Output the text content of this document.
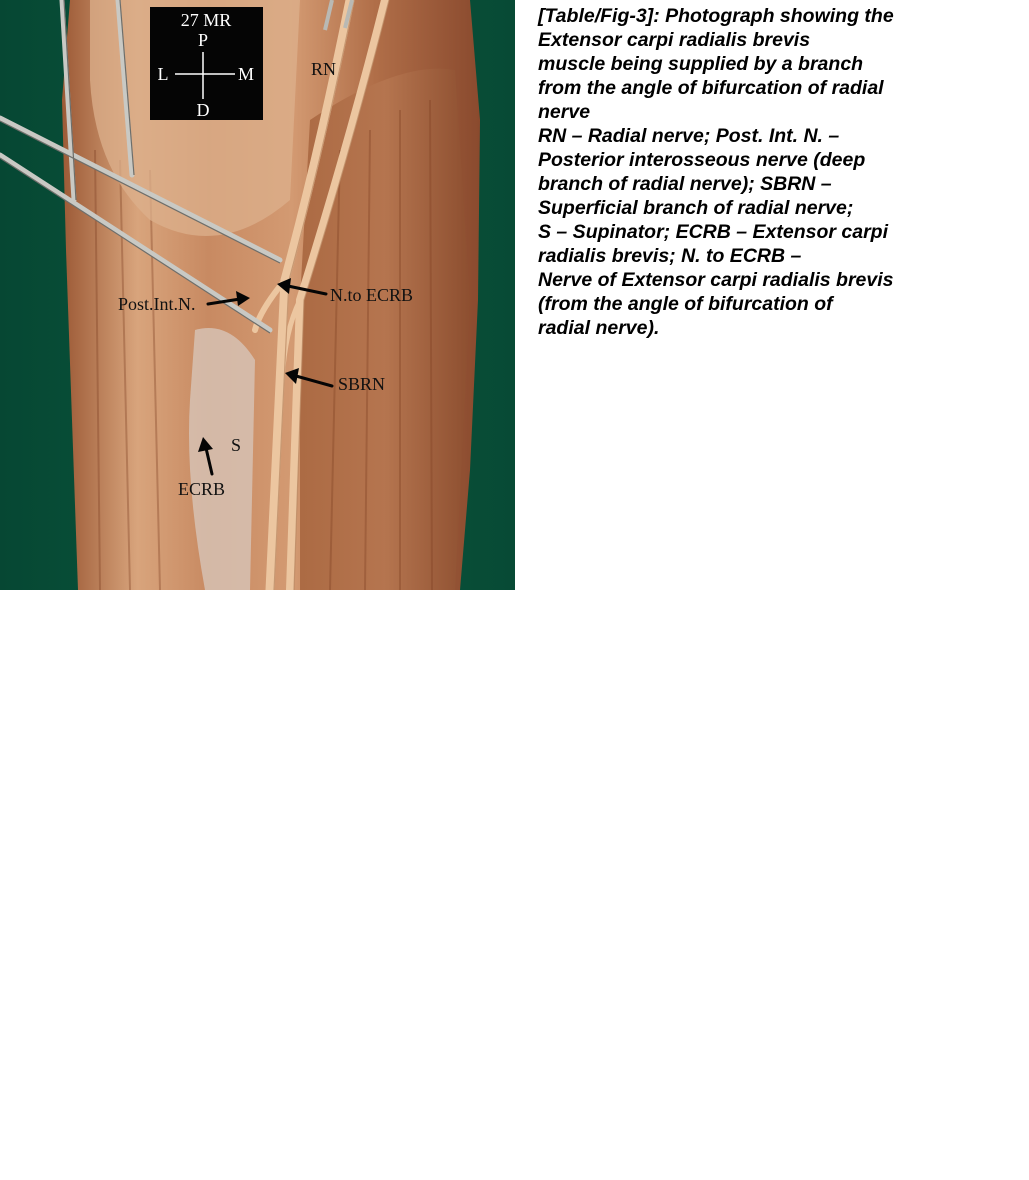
27 MR
P
D
L	M	RN
Post.Int.N.	N.to ECRB
SBRN
S
ECRB
[Table/Fig-3]: Photograph showing the
Extensor carpi radialis brevis
muscle being supplied by a branch
from the angle of bifurcation of radial
nerve
RN – Radial nerve; Post. Int. N. –
Posterior interosseous nerve (deep
branch of radial nerve); SBRN –
Superficial branch of radial nerve;
S – Supinator; ECRB – Extensor carpi
radialis brevis; N. to ECRB –
Nerve of Extensor carpi radialis brevis
(from the angle of bifurcation of
radial nerve).
